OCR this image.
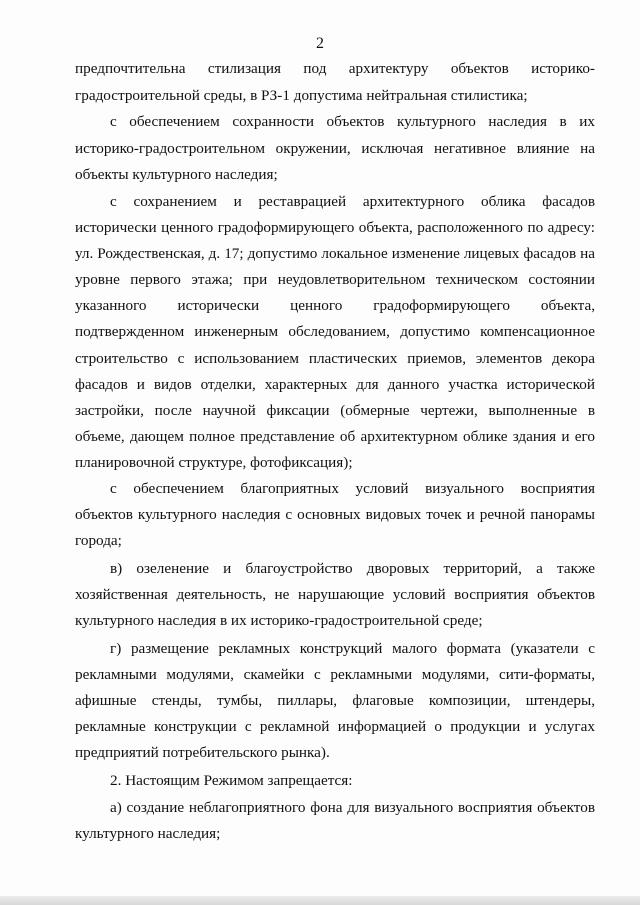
2
предпочтительна стилизация под архитектуру объектов историко-
градостроительной среды, в РЗ-1 допустима нейтральная стилистика;
с обеспечением сохранности объектов культурного наследия в их
историко-градостроительном окружении, исключая негативное влияние на
объекты культурного наследия;
с сохранением и реставрацией архитектурного облика фасадов
исторически ценного градоформирующего объекта, расположенного по адресу:
ул. Рождественская, д. 17; допустимо локальное изменение лицевых фасадов на
уровне первого этажа; при неудовлетворительном техническом состоянии
указанного исторически ценного градоформирующего объекта,
подтвержденном инженерным обследованием, допустимо компенсационное
строительство с использованием пластических приемов, элементов декора
фасадов и видов отделки, характерных для данного участка исторической
застройки, после научной фиксации (обмерные чертежи, выполненные в
объеме, дающем полное представление об архитектурном облике здания и его
планировочной структуре, фотофиксация);
с обеспечением благоприятных условий визуального восприятия
объектов культурного наследия с основных видовых точек и речной панорамы
города;
в) озеленение и благоустройство дворовых территорий, а также
хозяйственная деятельность, не нарушающие условий восприятия объектов
культурного наследия в их историко-градостроительной среде;
г) размещение рекламных конструкций малого формата (указатели с
рекламными модулями, скамейки с рекламными модулями, сити-форматы,
афишные стенды, тумбы, пиллары, флаговые композиции, штендеры,
рекламные конструкции с рекламной информацией о продукции и услугах
предприятий потребительского рынка).
2. Настоящим Режимом запрещается:
а) создание неблагоприятного фона для визуального восприятия объектов
культурного наследия;
